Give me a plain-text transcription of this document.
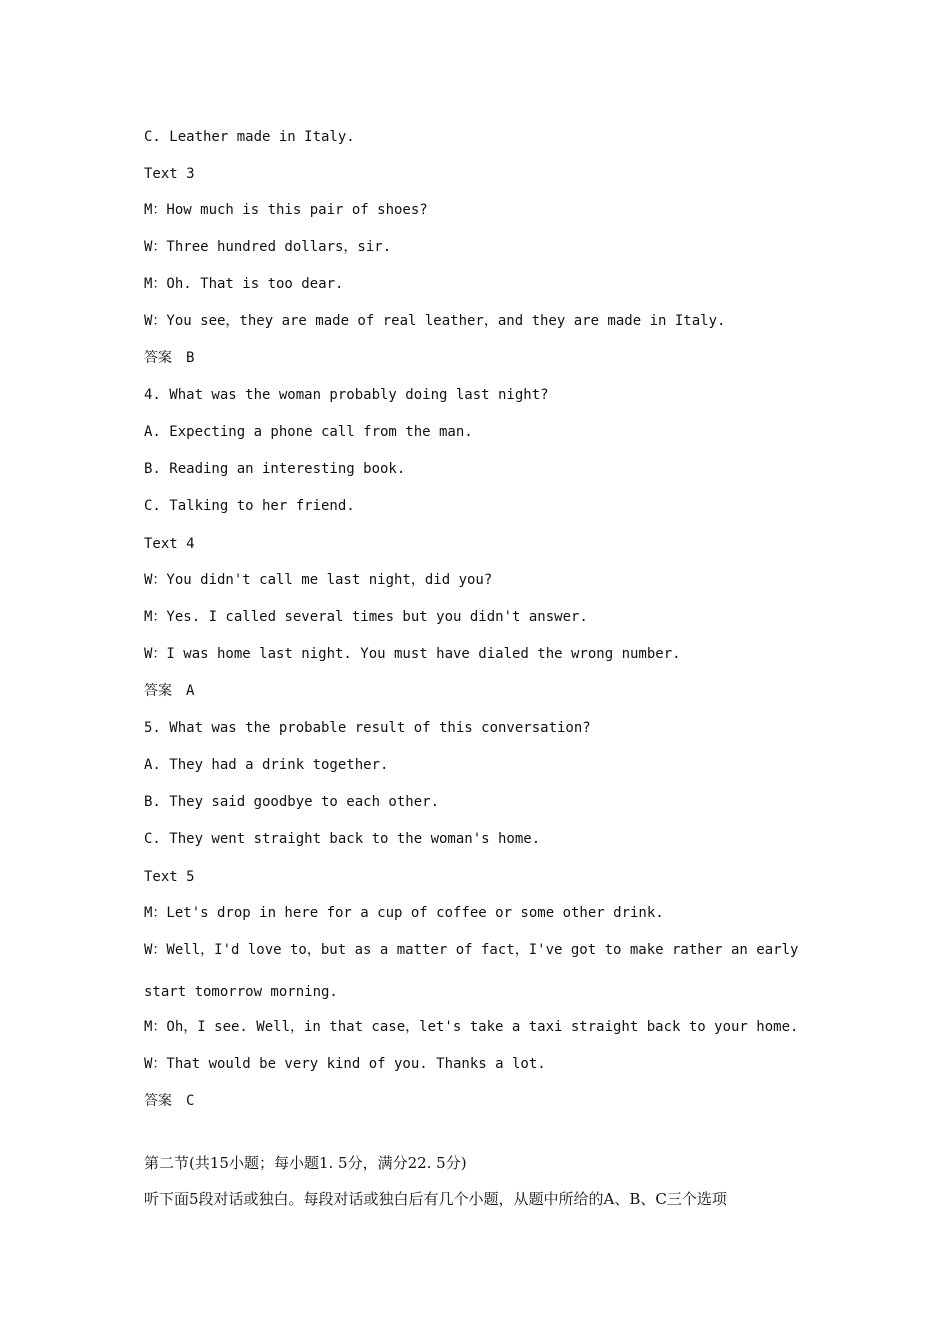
C. Leather made in Italy.
Text 3
M：How much is this pair of shoes?
W：Three hundred dollars，sir.
M：Oh. That is too dear.
W：You see，they are made of real leather，and they are made in Italy.
答案　B
4. What was the woman probably doing last night?
A. Expecting a phone call from the man.
B. Reading an interesting book.
C. Talking to her friend.
Text 4
W：You didn't call me last night，did you?
M：Yes. I called several times but you didn't answer.
W：I was home last night. You must have dialed the wrong number.
答案　A
5. What was the probable result of this conversation?
A. They had a drink together.
B. They said goodbye to each other.
C. They went straight back to the woman's home.
Text 5
M：Let's drop in here for a cup of coffee or some other drink.
W：Well，I'd love to，but as a matter of fact，I've got to make rather an early
start tomorrow morning.
M：Oh，I see. Well，in that case，let's take a taxi straight back to your home.
W：That would be very kind of you. Thanks a lot.
答案　C
第二节(共15小题；每小题1. 5分，满分22. 5分)
听下面5段对话或独白。每段对话或独白后有几个小题，从题中所给的A、B、C三个选项
